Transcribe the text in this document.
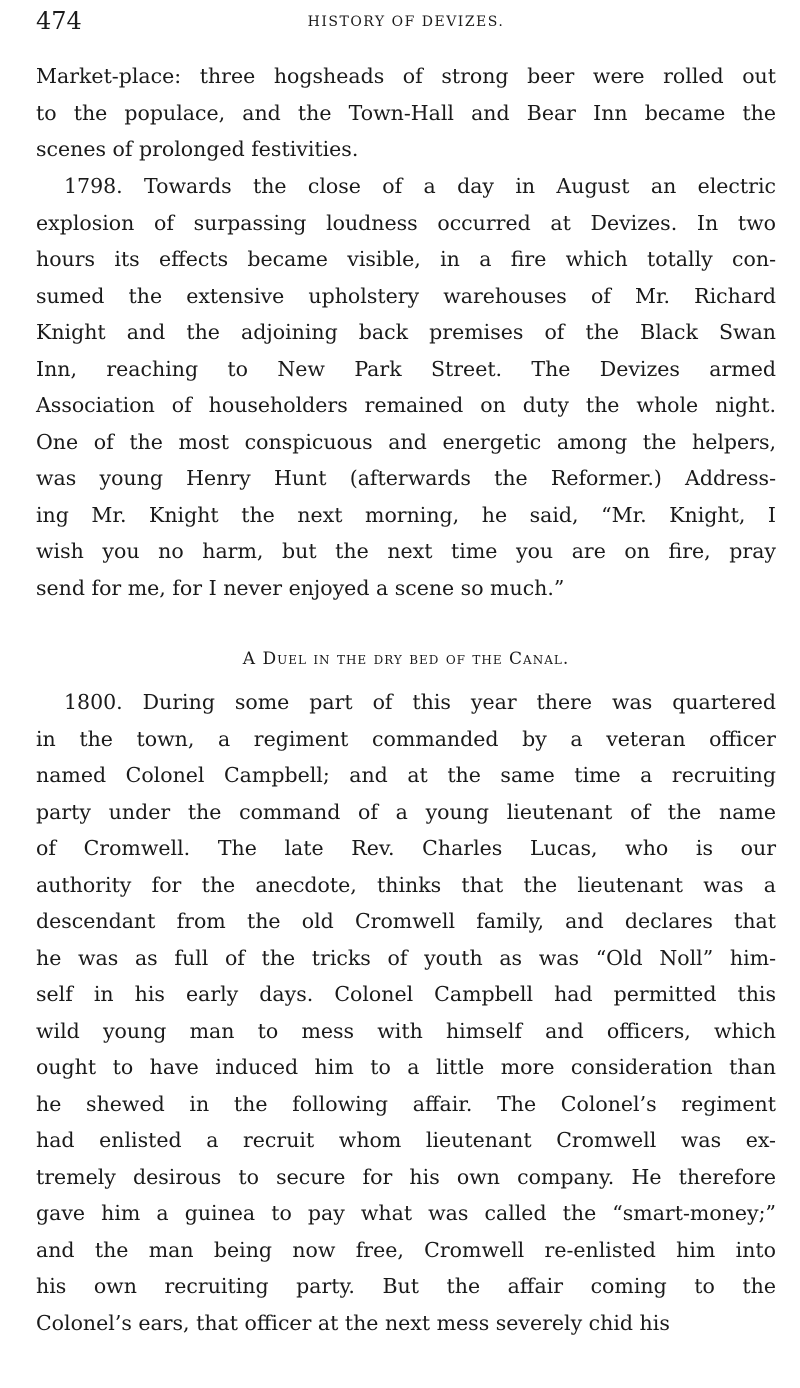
474	HISTORY OF DEVIZES.
Market-place: three hogsheads of strong beer were rolled out
to the populace, and the Town-Hall and Bear Inn became the
scenes of prolonged festivities.
1798. Towards the close of a day in August an electric
explosion of surpassing loudness occurred at Devizes. In two
hours its effects became visible, in a fire which totally con-
sumed the extensive upholstery warehouses of Mr. Richard
Knight and the adjoining back premises of the Black Swan
Inn, reaching to New Park Street. The Devizes armed
Association of householders remained on duty the whole night.
One of the most conspicuous and energetic among the helpers,
was young Henry Hunt (afterwards the Reformer.) Address-
ing Mr. Knight the next morning, he said, “Mr. Knight, I
wish you no harm, but the next time you are on fire, pray
send for me, for I never enjoyed a scene so much.”
A Duel in the dry bed of the Canal.
1800. During some part of this year there was quartered
in the town, a regiment commanded by a veteran officer
named Colonel Campbell; and at the same time a recruiting
party under the command of a young lieutenant of the name
of Cromwell. The late Rev. Charles Lucas, who is our
authority for the anecdote, thinks that the lieutenant was a
descendant from the old Cromwell family, and declares that
he was as full of the tricks of youth as was “Old Noll” him-
self in his early days. Colonel Campbell had permitted this
wild young man to mess with himself and officers, which
ought to have induced him to a little more consideration than
he shewed in the following affair. The Colonel’s regiment
had enlisted a recruit whom lieutenant Cromwell was ex-
tremely desirous to secure for his own company. He therefore
gave him a guinea to pay what was called the “smart-money;”
and the man being now free, Cromwell re-enlisted him into
his own recruiting party. But the affair coming to the
Colonel’s ears, that officer at the next mess severely chid his
